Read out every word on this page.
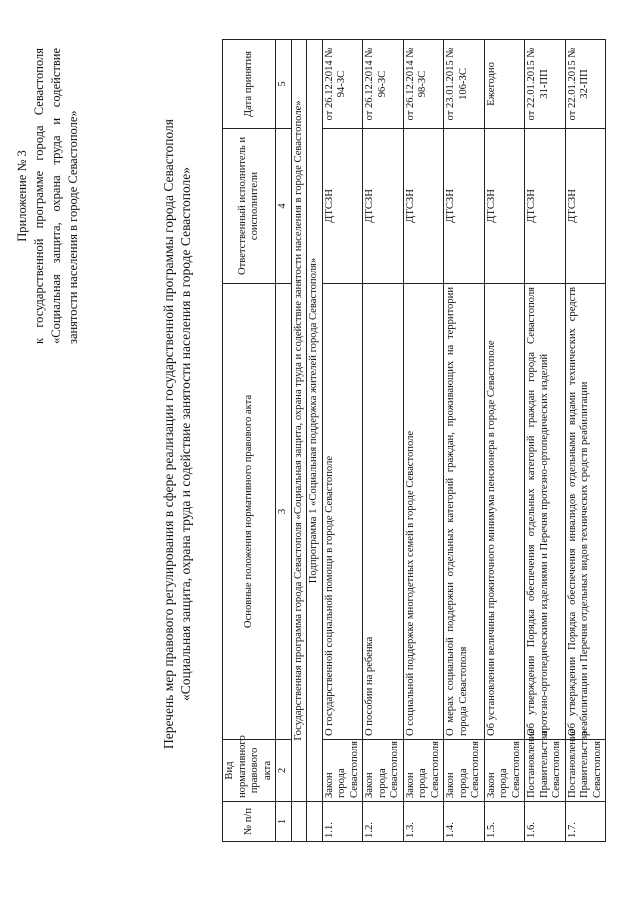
Приложение № 3 к государственной программе города Севастополя «Социальная защита, охрана труда и содействие занятости населения в городе Севастополе»	Перечень мер правового регулирования в сфере реализации государственной программы города Севастополя «Социальная защита, охрана труда и содействие занятости населения в городе Севастополе»
№ п/п	Вид нормативного правового акта	Основные положения нормативного правового акта	Ответственный исполнитель и соисполнители	Дата принятия
1	2	3	4	5
	Государственная программа города Севастополя «Социальная защита, охрана труда и содействие занятости населения в городе Севастополе»			
	Подпрограмма 1 «Социальная поддержка жителей города Севастополя»			
1.1.	Закон города Севастополя	О государственной социальной помощи в городе Севастополе	ДТСЗН	от 26.12.2014 № 94-ЗС
1.2.	Закон города Севастополя	О пособии на ребенка	ДТСЗН	от 26.12.2014 № 96-ЗС
1.3.	Закон города Севастополя	О социальной поддержке многодетных семей в городе Севастополе	ДТСЗН	от 26.12.2014 № 98-ЗС
1.4.	Закон города Севастополя	О мерах социальной поддержки отдельных категорий граждан, проживающих на территории города Севастополя	ДТСЗН	от 23.01.2015 № 106-ЗС
1.5.	Закон города Севастополя	Об установлении величины прожиточного минимума пенсионера в городе Севастополе	ДТСЗН	Ежегодно
1.6.	Постановление Правительства Севастополя	Об утверждении Порядка обеспечения отдельных категорий граждан города Севастополя протезно-ортопедическими изделиями и Перечня протезно-ортопедических изделий	ДТСЗН	от 22.01.2015 № 31-ПП
1.7.	Постановление Правительства Севастополя	Об утверждении Порядка обеспечения инвалидов отдельными видами технических средств реабилитации и Перечня отдельных видов технических средств реабилитации	ДТСЗН	от 22.01.2015 № 32-ПП
